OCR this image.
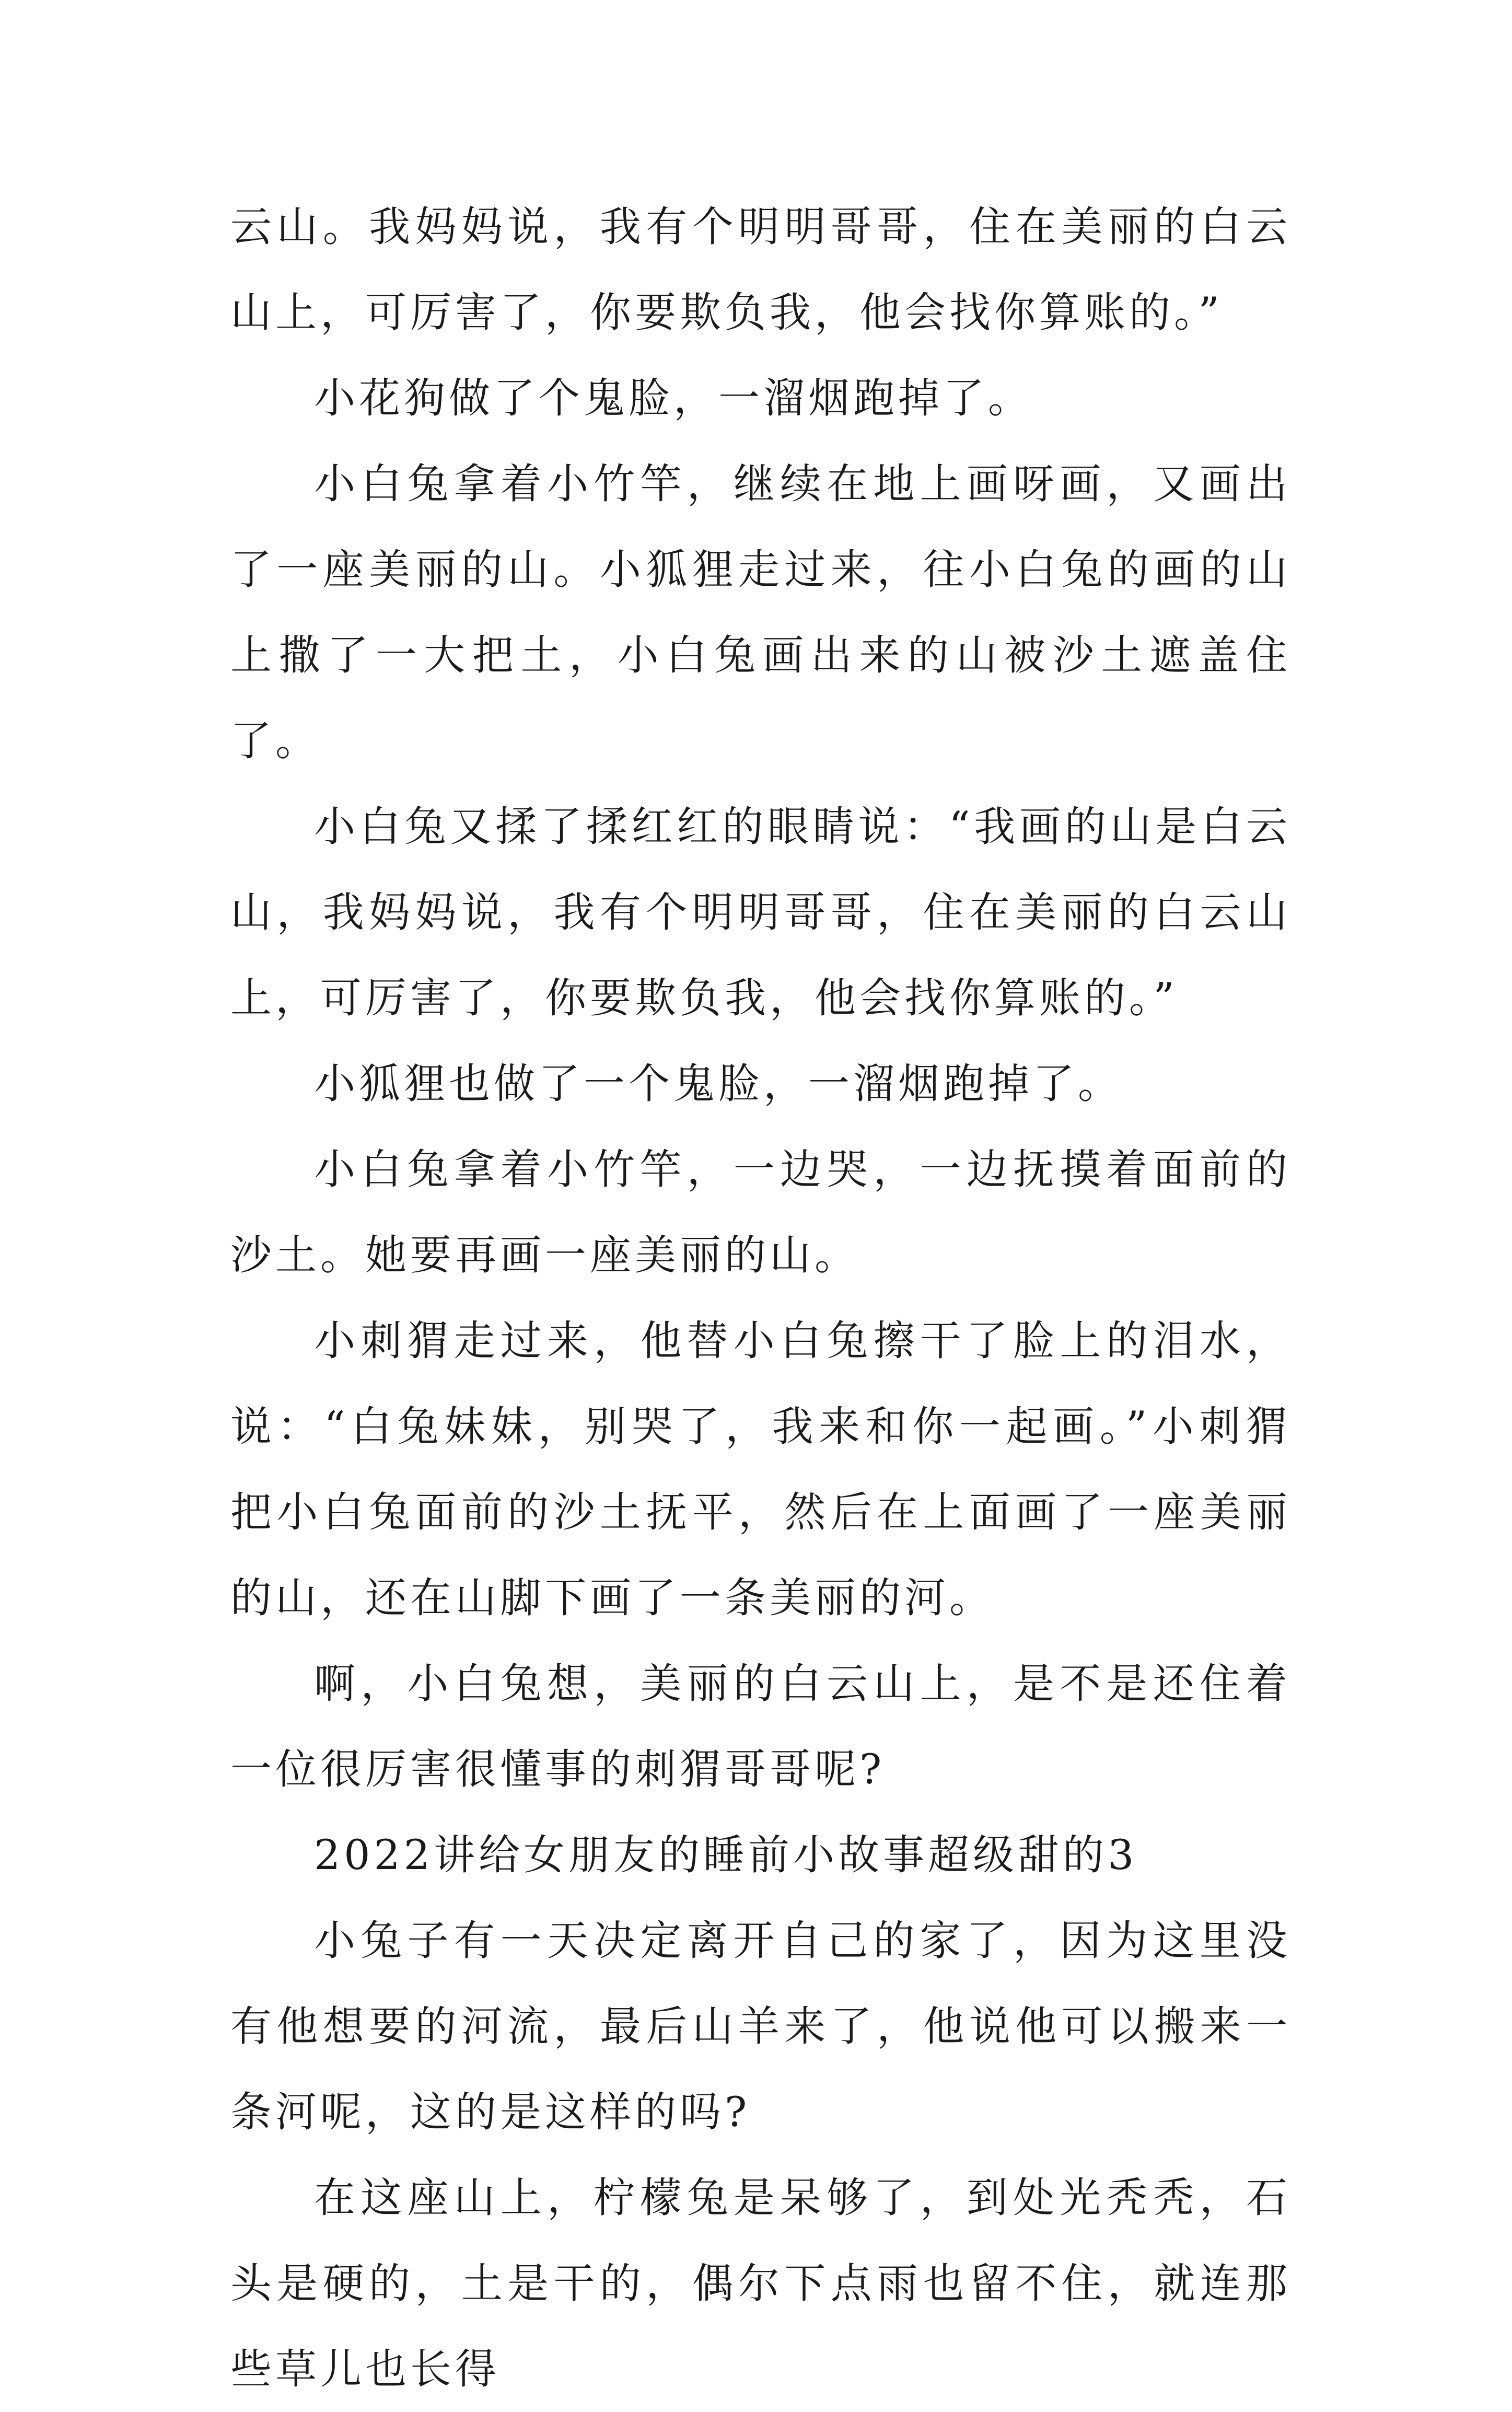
云山。我妈妈说，我有个明明哥哥，住在美丽的白云山上，可厉害了，你要欺负我，他会找你算账的。”

小花狗做了个鬼脸，一溜烟跑掉了。

小白兔拿着小竹竿，继续在地上画呀画，又画出了一座美丽的山。小狐狸走过来，往小白兔的画的山上撒了一大把土，小白兔画出来的山被沙土遮盖住了。

小白兔又揉了揉红红的眼睛说：“我画的山是白云山，我妈妈说，我有个明明哥哥，住在美丽的白云山上，可厉害了，你要欺负我，他会找你算账的。”

小狐狸也做了一个鬼脸，一溜烟跑掉了。

小白兔拿着小竹竿，一边哭，一边抚摸着面前的沙土。她要再画一座美丽的山。

小刺猬走过来，他替小白兔擦干了脸上的泪水，说：“白兔妹妹，别哭了，我来和你一起画。”小刺猬把小白兔面前的沙土抚平，然后在上面画了一座美丽的山，还在山脚下画了一条美丽的河。

啊，小白兔想，美丽的白云山上，是不是还住着一位很厉害很懂事的刺猬哥哥呢?

2022讲给女朋友的睡前小故事超级甜的3

小兔子有一天决定离开自己的家了，因为这里没有他想要的河流，最后山羊来了，他说他可以搬来一条河呢，这的是这样的吗?

在这座山上，柠檬兔是呆够了，到处光秃秃，石头是硬的，土是干的，偶尔下点雨也留不住，就连那些草儿也长得
